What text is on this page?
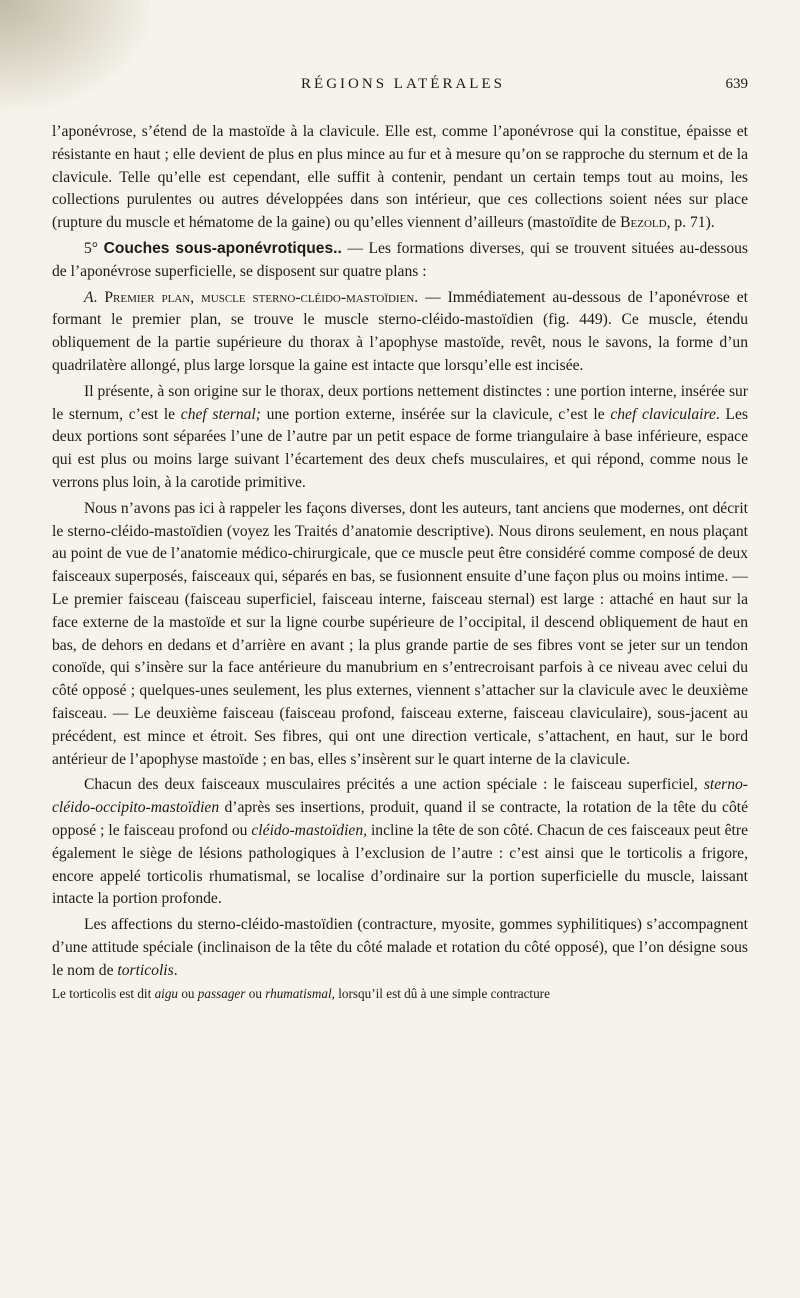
RÉGIONS LATÉRALES	639

l’aponévrose, s’étend de la mastoïde à la clavicule. Elle est, comme l’aponévrose qui la constitue, épaisse et résistante en haut ; elle devient de plus en plus mince au fur et à mesure qu’on se rapproche du sternum et de la clavicule. Telle qu’elle est cependant, elle suffit à contenir, pendant un certain temps tout au moins, les collections purulentes ou autres développées dans son intérieur, que ces collections soient nées sur place (rupture du muscle et hématome de la gaine) ou qu’elles viennent d’ailleurs (mastoïdite de Bezold, p. 71).

5° Couches sous-aponévrotiques.. — Les formations diverses, qui se trouvent situées au-dessous de l’aponévrose superficielle, se disposent sur quatre plans :

A. Premier plan, muscle sterno-cléido-mastoïdien. — Immédiatement au-dessous de l’aponévrose et formant le premier plan, se trouve le muscle sterno-cléido-mastoïdien (fig. 449). Ce muscle, étendu obliquement de la partie supérieure du thorax à l’apophyse mastoïde, revêt, nous le savons, la forme d’un quadrilatère allongé, plus large lorsque la gaine est intacte que lorsqu’elle est incisée.

Il présente, à son origine sur le thorax, deux portions nettement distinctes : une portion interne, insérée sur le sternum, c’est le chef sternal; une portion externe, insérée sur la clavicule, c’est le chef claviculaire. Les deux portions sont séparées l’une de l’autre par un petit espace de forme triangulaire à base inférieure, espace qui est plus ou moins large suivant l’écartement des deux chefs musculaires, et qui répond, comme nous le verrons plus loin, à la carotide primitive.

Nous n’avons pas ici à rappeler les façons diverses, dont les auteurs, tant anciens que modernes, ont décrit le sterno-cléido-mastoïdien (voyez les Traités d’anatomie descriptive). Nous dirons seulement, en nous plaçant au point de vue de l’anatomie médico-chirurgicale, que ce muscle peut être considéré comme composé de deux faisceaux superposés, faisceaux qui, séparés en bas, se fusionnent ensuite d’une façon plus ou moins intime. — Le premier faisceau (faisceau superficiel, faisceau interne, faisceau sternal) est large : attaché en haut sur la face externe de la mastoïde et sur la ligne courbe supérieure de l’occipital, il descend obliquement de haut en bas, de dehors en dedans et d’arrière en avant ; la plus grande partie de ses fibres vont se jeter sur un tendon conoïde, qui s’insère sur la face antérieure du manubrium en s’entrecroisant parfois à ce niveau avec celui du côté opposé ; quelques-unes seulement, les plus externes, viennent s’attacher sur la clavicule avec le deuxième faisceau. — Le deuxième faisceau (faisceau profond, faisceau externe, faisceau claviculaire), sous-jacent au précédent, est mince et étroit. Ses fibres, qui ont une direction verticale, s’attachent, en haut, sur le bord antérieur de l’apophyse mastoïde ; en bas, elles s’insèrent sur le quart interne de la clavicule.

Chacun des deux faisceaux musculaires précités a une action spéciale : le faisceau superficiel, sterno-cléido-occipito-mastoïdien d’après ses insertions, produit, quand il se contracte, la rotation de la tête du côté opposé ; le faisceau profond ou cléido-mastoïdien, incline la tête de son côté. Chacun de ces faisceaux peut être également le siège de lésions pathologiques à l’exclusion de l’autre : c’est ainsi que le torticolis a frigore, encore appelé torticolis rhumatismal, se localise d’ordinaire sur la portion superficielle du muscle, laissant intacte la portion profonde.

Les affections du sterno-cléido-mastoïdien (contracture, myosite, gommes syphilitiques) s’accompagnent d’une attitude spéciale (inclinaison de la tête du côté malade et rotation du côté opposé), que l’on désigne sous le nom de torticolis.

Le torticolis est dit aigu ou passager ou rhumatismal, lorsqu’il est dû à une simple contracture
